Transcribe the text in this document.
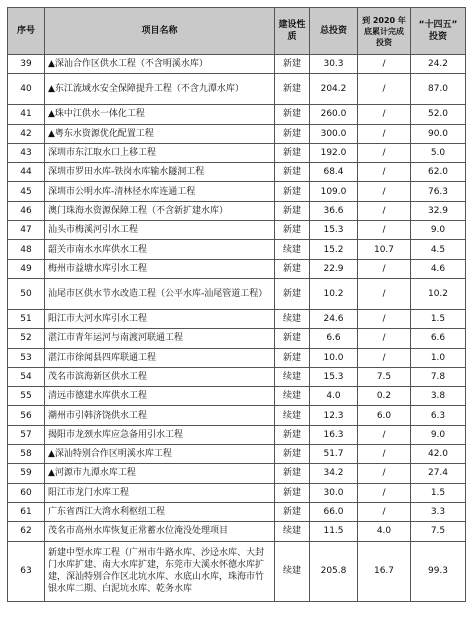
序号	项目名称	建设性质	总投资	到 2020 年底累计完成投资	“十四五” 投资
39	▲深汕合作区供水工程（不含明溪水库）	新建	30.3	/	24.2
40	▲东江流域水安全保障提升工程（不含九潭水库）	新建	204.2	/	87.0
41	▲珠中江供水一体化工程	新建	260.0	/	52.0
42	▲粤东水资源优化配置工程	新建	300.0	/	90.0
43	深圳市东江取水口上移工程	新建	192.0	/	5.0
44	深圳市罗田水库-铁岗水库输水隧洞工程	新建	68.4	/	62.0
45	深圳市公明水库-清林径水库连通工程	新建	109.0	/	76.3
46	澳门珠海水资源保障工程（不含新扩建水库）	新建	36.6	/	32.9
47	汕头市梅溪河引水工程	新建	15.3	/	9.0
48	韶关市南水水库供水工程	续建	15.2	10.7	4.5
49	梅州市益塘水库引水工程	新建	22.9	/	4.6
50	汕尾市区供水节水改造工程（公平水库-汕尾管道工程）	新建	10.2	/	10.2
51	阳江市大河水库引水工程	续建	24.6	/	1.5
52	湛江市青年运河与南渡河联通工程	新建	6.6	/	6.6
53	湛江市徐闻县四库联通工程	新建	10.0	/	1.0
54	茂名市滨海新区供水工程	续建	15.3	7.5	7.8
55	清远市德建水库供水工程	续建	4.0	0.2	3.8
56	潮州市引韩济饶供水工程	续建	12.3	6.0	6.3
57	揭阳市龙颈水库应急备用引水工程	新建	16.3	/	9.0
58	▲深汕特别合作区明溪水库工程	新建	51.7	/	42.0
59	▲河源市九潭水库工程	新建	34.2	/	27.4
60	阳江市龙门水库工程	新建	30.0	/	1.5
61	广东省西江大湾水利枢纽工程	新建	66.0	/	3.3
62	茂名市高州水库恢复正常蓄水位淹没处理项目	续建	11.5	4.0	7.5
63	新建中型水库工程（广州市牛路水库、沙迳水库、大封门水库扩建、南大水库扩建，东莞市大溪水怀德水库扩建，深汕特别合作区北坑水库、水底山水库，珠海市竹银水库二期、白泥坑水库、乾务水库	续建	205.8	16.7	99.3
